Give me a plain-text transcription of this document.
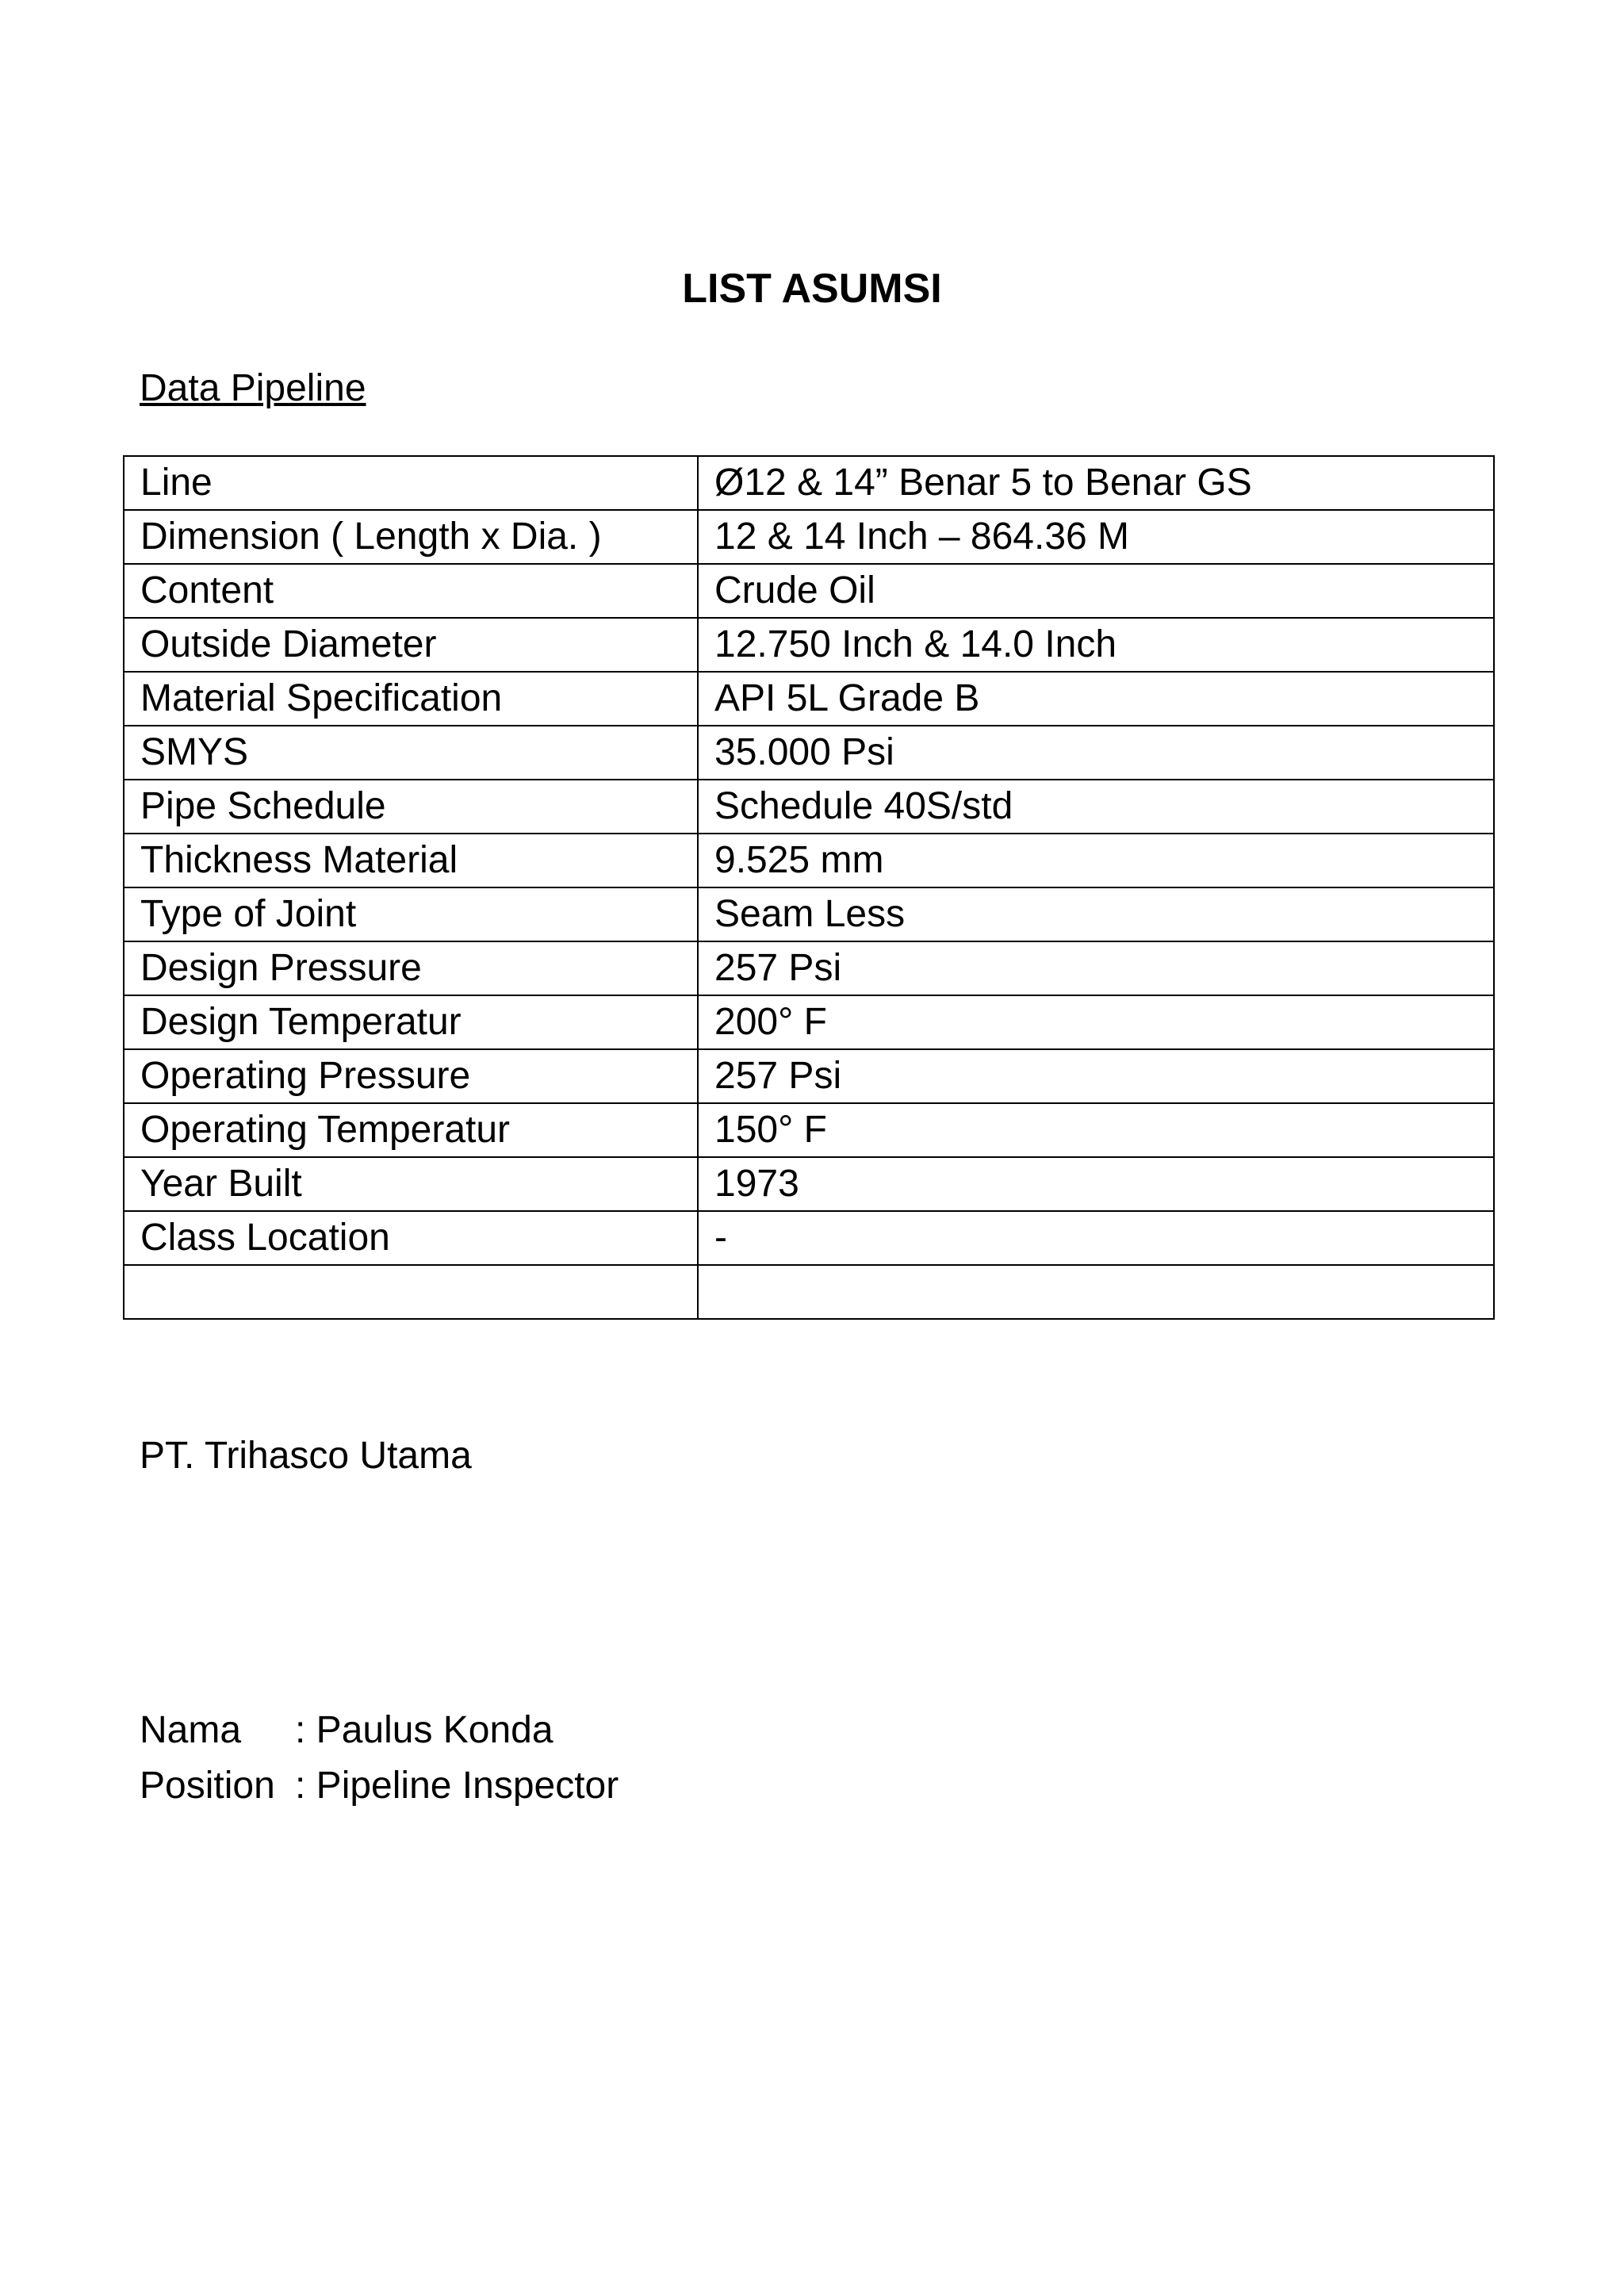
LIST ASUMSI
Data Pipeline
Line	Ø12 & 14” Benar 5 to Benar GS
Dimension ( Length x Dia. )	12 & 14 Inch – 864.36 M
Content	Crude Oil
Outside Diameter	12.750 Inch & 14.0 Inch
Material Specification	API 5L Grade B
SMYS	35.000 Psi
Pipe Schedule	Schedule 40S/std
Thickness Material	9.525 mm
Type of Joint	Seam Less
Design Pressure	257 Psi
Design Temperatur	200° F
Operating Pressure	257 Psi
Operating Temperatur	150° F
Year Built	1973
Class Location	-

PT. Trihasco Utama
Nama : Paulus Konda
Position : Pipeline Inspector
